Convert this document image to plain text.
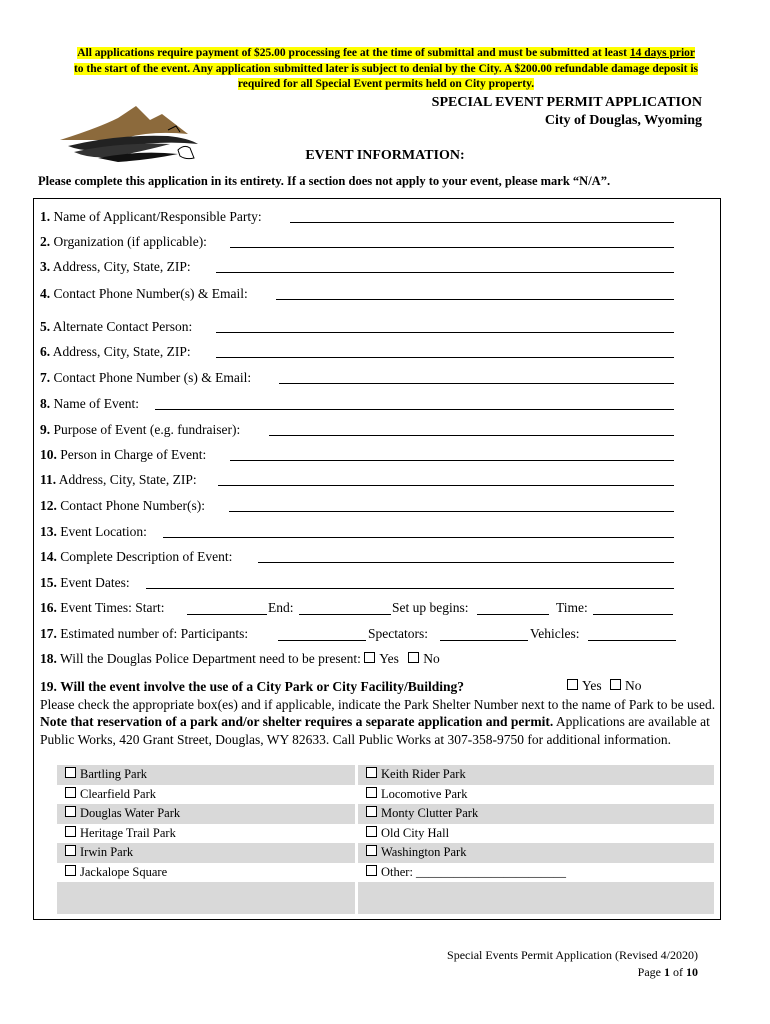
All applications require payment of $25.00 processing fee at the time of submittal and must be submitted at least 14 days prior to the start of the event. Any application submitted later is subject to denial by the City. A $200.00 refundable damage deposit is required for all Special Event permits held on City property.
SPECIAL EVENT PERMIT APPLICATION
City of Douglas, Wyoming
EVENT INFORMATION:
Please complete this application in its entirety. If a section does not apply to your event, please mark “N/A”.
1. Name of Applicant/Responsible Party:
2. Organization (if applicable):
3. Address, City, State, ZIP:
4. Contact Phone Number(s) & Email:
5. Alternate Contact Person:
6. Address, City, State, ZIP:
7. Contact Phone Number (s) & Email:
8. Name of Event:
9. Purpose of Event (e.g. fundraiser):
10. Person in Charge of Event:
11. Address, City, State, ZIP:
12. Contact Phone Number(s):
13. Event Location:
14. Complete Description of Event:
15. Event Dates:
16. Event Times: Start:	End:	Set up begins:	Time:
17. Estimated number of: Participants:	Spectators:	Vehicles:
18. Will the Douglas Police Department need to be present: Yes No
19. Will the event involve the use of a City Park or City Facility/Building?
Please check the appropriate box(es) and if applicable, indicate the Park Shelter Number next to the name of Park to be used. Note that reservation of a park and/or shelter requires a separate application and permit. Applications are available at Public Works, 420 Grant Street, Douglas, WY 82633. Call Public Works at 307-358-9750 for additional information.
Yes No
Bartling Park
Clearfield Park
Douglas Water Park
Heritage Trail Park
Irwin Park
Jackalope Square
Keith Rider Park
Locomotive Park
Monty Clutter Park
Old City Hall
Washington Park
Other: ________________________
Special Events Permit Application (Revised 4/2020)
Page 1 of 10
